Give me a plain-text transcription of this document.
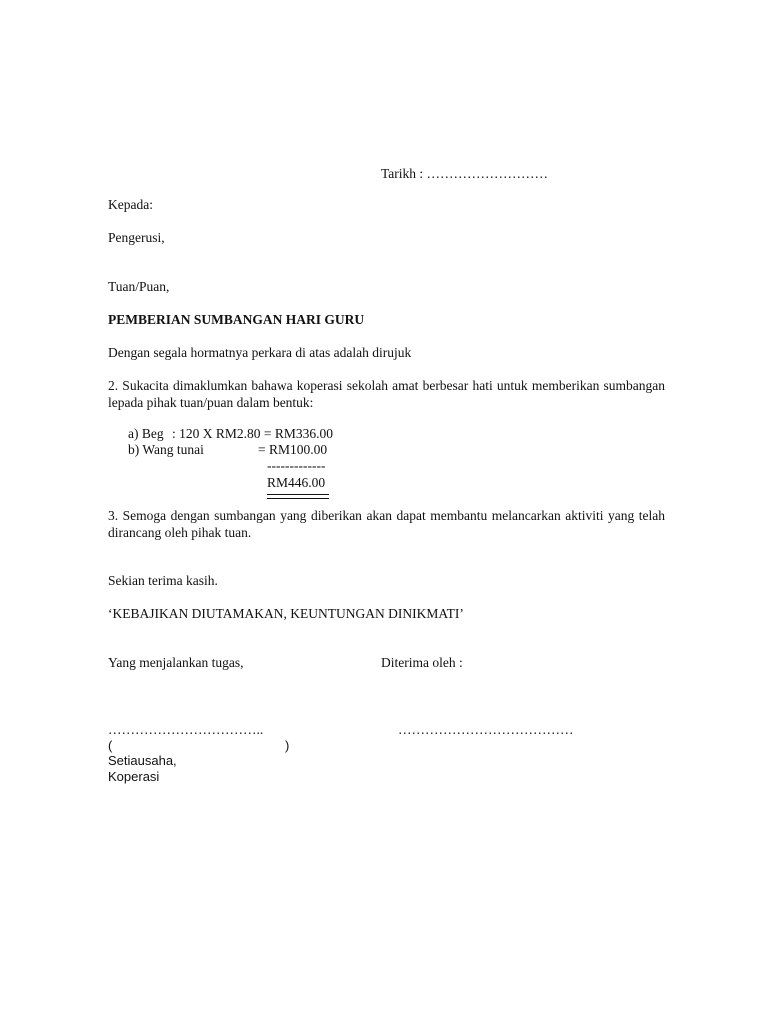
Tarikh : ………………………
Kepada:
Pengerusi,
Tuan/Puan,
PEMBERIAN SUMBANGAN HARI GURU
Dengan segala hormatnya perkara di atas adalah dirujuk
2. Sukacita dimaklumkan bahawa koperasi sekolah amat berbesar hati untuk memberikan sumbangan lepada pihak tuan/puan dalam bentuk:
a) Beg : 120 X RM2.80 = RM336.00
b) Wang tunai	= RM100.00
-------------
RM446.00
3. Semoga dengan sumbangan yang diberikan akan dapat membantu melancarkan aktiviti yang telah dirancang oleh pihak tuan.
Sekian terima kasih.
‘KEBAJIKAN DIUTAMAKAN, KEUNTUNGAN DINIKMATI’
Yang menjalankan tugas,	Diterima oleh :
……………………………..	…………………………………
(	)
Setiausaha,
Koperasi
